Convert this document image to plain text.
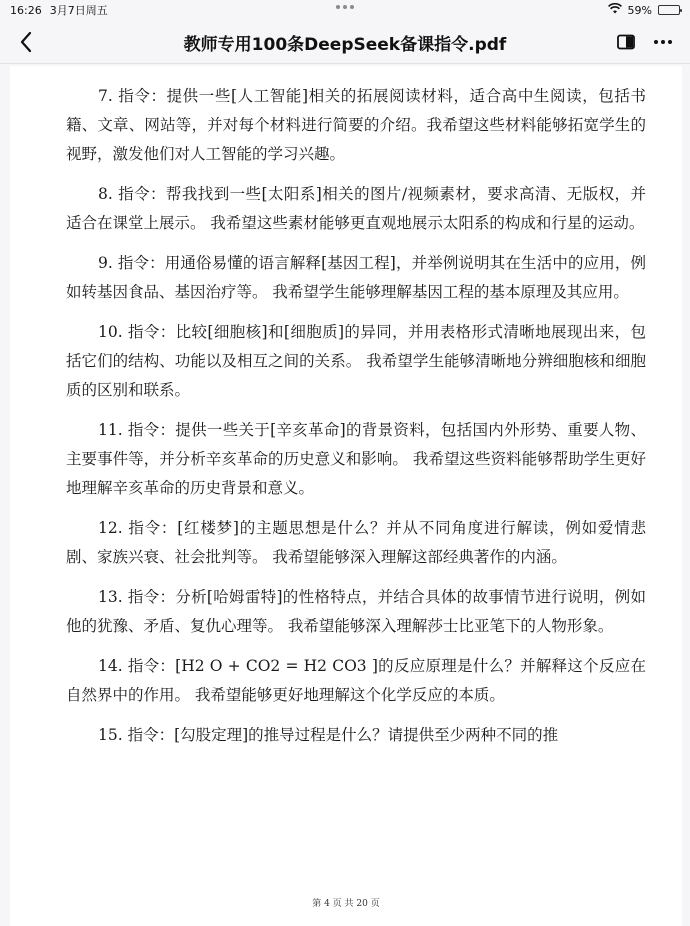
16:26 3月7日周五	59%
教师专用100条DeepSeek备课指令.pdf

7. 指令：提供一些[人工智能]相关的拓展阅读材料，适合高中生阅读，包括书籍、文章、网站等，并对每个材料进行简要的介绍。我希望这些材料能够拓宽学生的视野，激发他们对人工智能的学习兴趣。

8. 指令：帮我找到一些[太阳系]相关的图片/视频素材，要求高清、无版权，并适合在课堂上展示。 我希望这些素材能够更直观地展示太阳系的构成和行星的运动。

9. 指令：用通俗易懂的语言解释[基因工程]，并举例说明其在生活中的应用，例如转基因食品、基因治疗等。 我希望学生能够理解基因工程的基本原理及其应用。

10. 指令：比较[细胞核]和[细胞质]的异同，并用表格形式清晰地展现出来，包括它们的结构、功能以及相互之间的关系。 我希望学生能够清晰地分辨细胞核和细胞质的区别和联系。

11. 指令：提供一些关于[辛亥革命]的背景资料，包括国内外形势、重要人物、主要事件等，并分析辛亥革命的历史意义和影响。 我希望这些资料能够帮助学生更好地理解辛亥革命的历史背景和意义。

12. 指令：[红楼梦]的主题思想是什么？并从不同角度进行解读，例如爱情悲剧、家族兴衰、社会批判等。 我希望能够深入理解这部经典著作的内涵。

13. 指令：分析[哈姆雷特]的性格特点，并结合具体的故事情节进行说明，例如他的犹豫、矛盾、复仇心理等。 我希望能够深入理解莎士比亚笔下的人物形象。

14. 指令：[H2 O + CO2 = H2 CO3 ]的反应原理是什么？并解释这个反应在自然界中的作用。 我希望能够更好地理解这个化学反应的本质。

15. 指令：[勾股定理]的推导过程是什么？请提供至少两种不同的推

第 4 页 共 20 页
